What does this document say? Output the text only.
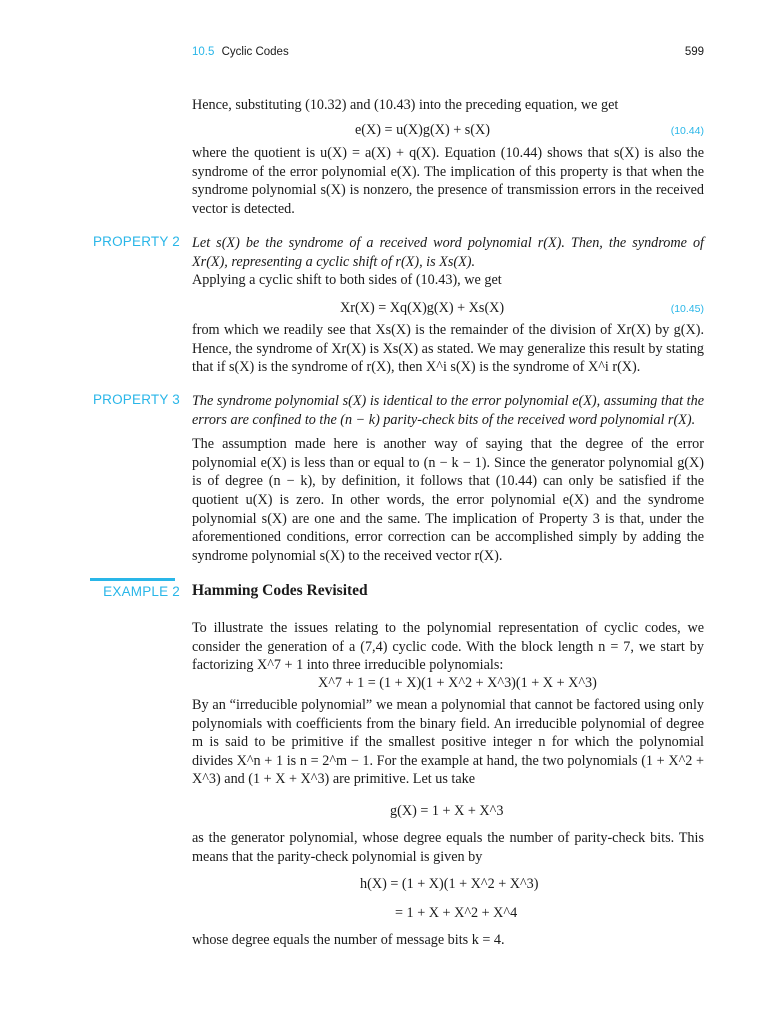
10.5 Cyclic Codes	599

Hence, substituting (10.32) and (10.43) into the preceding equation, we get

e(X) = u(X)g(X) + s(X)	(10.44)

where the quotient is u(X) = a(X) + q(X). Equation (10.44) shows that s(X) is also the syndrome of the error polynomial e(X). The implication of this property is that when the syndrome polynomial s(X) is nonzero, the presence of transmission errors in the received vector is detected.

PROPERTY 2 Let s(X) be the syndrome of a received word polynomial r(X). Then, the syndrome of Xr(X), representing a cyclic shift of r(X), is Xs(X).

Applying a cyclic shift to both sides of (10.43), we get

Xr(X) = Xq(X)g(X) + Xs(X)	(10.45)

from which we readily see that Xs(X) is the remainder of the division of Xr(X) by g(X). Hence, the syndrome of Xr(X) is Xs(X) as stated. We may generalize this result by stating that if s(X) is the syndrome of r(X), then X^i s(X) is the syndrome of X^i r(X).

PROPERTY 3 The syndrome polynomial s(X) is identical to the error polynomial e(X), assuming that the errors are confined to the (n − k) parity-check bits of the received word polynomial r(X).

The assumption made here is another way of saying that the degree of the error polynomial e(X) is less than or equal to (n − k − 1). Since the generator polynomial g(X) is of degree (n − k), by definition, it follows that (10.44) can only be satisfied if the quotient u(X) is zero. In other words, the error polynomial e(X) and the syndrome polynomial s(X) are one and the same. The implication of Property 3 is that, under the aforementioned conditions, error correction can be accomplished simply by adding the syndrome polynomial s(X) to the received vector r(X).

EXAMPLE 2 Hamming Codes Revisited

To illustrate the issues relating to the polynomial representation of cyclic codes, we consider the generation of a (7,4) cyclic code. With the block length n = 7, we start by factorizing X^7 + 1 into three irreducible polynomials:

X^7 + 1 = (1 + X)(1 + X^2 + X^3)(1 + X + X^3)

By an “irreducible polynomial” we mean a polynomial that cannot be factored using only polynomials with coefficients from the binary field. An irreducible polynomial of degree m is said to be primitive if the smallest positive integer n for which the polynomial divides X^n + 1 is n = 2^m − 1. For the example at hand, the two polynomials (1 + X^2 + X^3) and (1 + X + X^3) are primitive. Let us take

g(X) = 1 + X + X^3

as the generator polynomial, whose degree equals the number of parity-check bits. This means that the parity-check polynomial is given by

h(X) = (1 + X)(1 + X^2 + X^3)
= 1 + X + X^2 + X^4

whose degree equals the number of message bits k = 4.
